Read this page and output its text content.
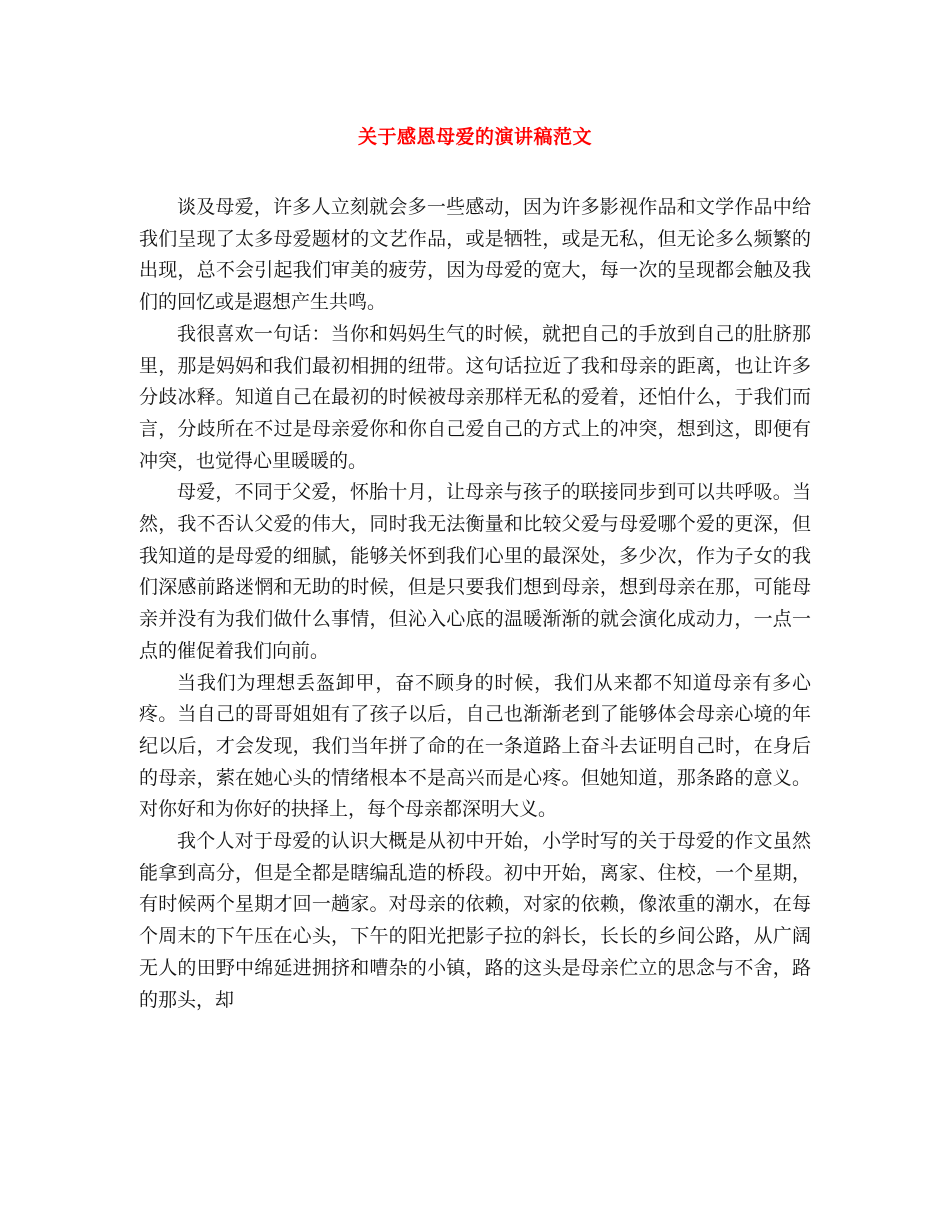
关于感恩母爱的演讲稿范文

谈及母爱，许多人立刻就会多一些感动，因为许多影视作品和文学作品中给我们呈现了太多母爱题材的文艺作品，或是牺牲，或是无私，但无论多么频繁的出现，总不会引起我们审美的疲劳，因为母爱的宽大，每一次的呈现都会触及我们的回忆或是遐想产生共鸣。

我很喜欢一句话：当你和妈妈生气的时候，就把自己的手放到自己的肚脐那里，那是妈妈和我们最初相拥的纽带。这句话拉近了我和母亲的距离，也让许多分歧冰释。知道自己在最初的时候被母亲那样无私的爱着，还怕什么，于我们而言，分歧所在不过是母亲爱你和你自己爱自己的方式上的冲突，想到这，即便有冲突，也觉得心里暖暖的。

母爱，不同于父爱，怀胎十月，让母亲与孩子的联接同步到可以共呼吸。当然，我不否认父爱的伟大，同时我无法衡量和比较父爱与母爱哪个爱的更深，但我知道的是母爱的细腻，能够关怀到我们心里的最深处，多少次，作为子女的我们深感前路迷惘和无助的时候，但是只要我们想到母亲，想到母亲在那，可能母亲并没有为我们做什么事情，但沁入心底的温暖渐渐的就会演化成动力，一点一点的催促着我们向前。

当我们为理想丢盔卸甲，奋不顾身的时候，我们从来都不知道母亲有多心疼。当自己的哥哥姐姐有了孩子以后，自己也渐渐老到了能够体会母亲心境的年纪以后，才会发现，我们当年拼了命的在一条道路上奋斗去证明自己时，在身后的母亲，萦在她心头的情绪根本不是高兴而是心疼。但她知道，那条路的意义。对你好和为你好的抉择上，每个母亲都深明大义。

我个人对于母爱的认识大概是从初中开始，小学时写的关于母爱的作文虽然能拿到高分，但是全都是瞎编乱造的桥段。初中开始，离家、住校，一个星期，有时候两个星期才回一趟家。对母亲的依赖，对家的依赖，像浓重的潮水，在每个周末的下午压在心头，下午的阳光把影子拉的斜长，长长的乡间公路，从广阔无人的田野中绵延进拥挤和嘈杂的小镇，路的这头是母亲伫立的思念与不舍，路的那头，却
